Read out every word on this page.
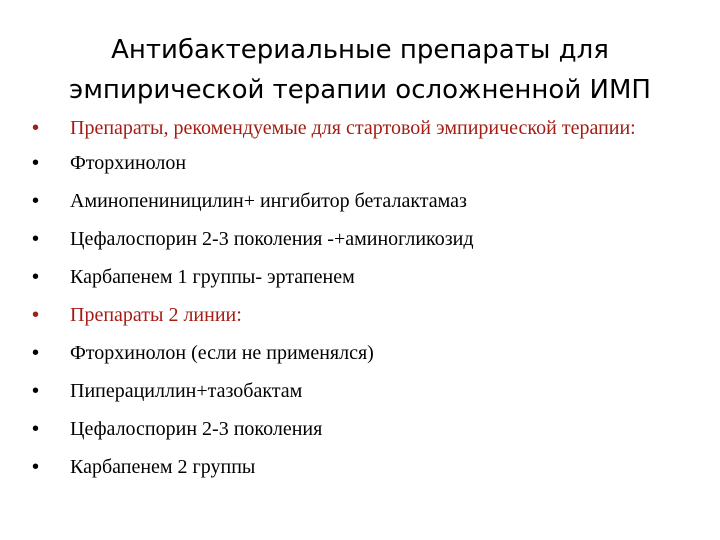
Антибактериальные препараты для
эмпирической терапии осложненной ИМП
• Препараты, рекомендуемые для стартовой эмпирической терапии:
• Фторхинолон
• Аминопениницилин+ ингибитор беталактамаз
• Цефалоспорин 2-3 поколения -+аминогликозид
• Карбапенем 1 группы- эртапенем
• Препараты 2 линии:
• Фторхинолон (если не применялся)
• Пиперациллин+тазобактам
• Цефалоспорин 2-3 поколения
• Карбапенем 2 группы
